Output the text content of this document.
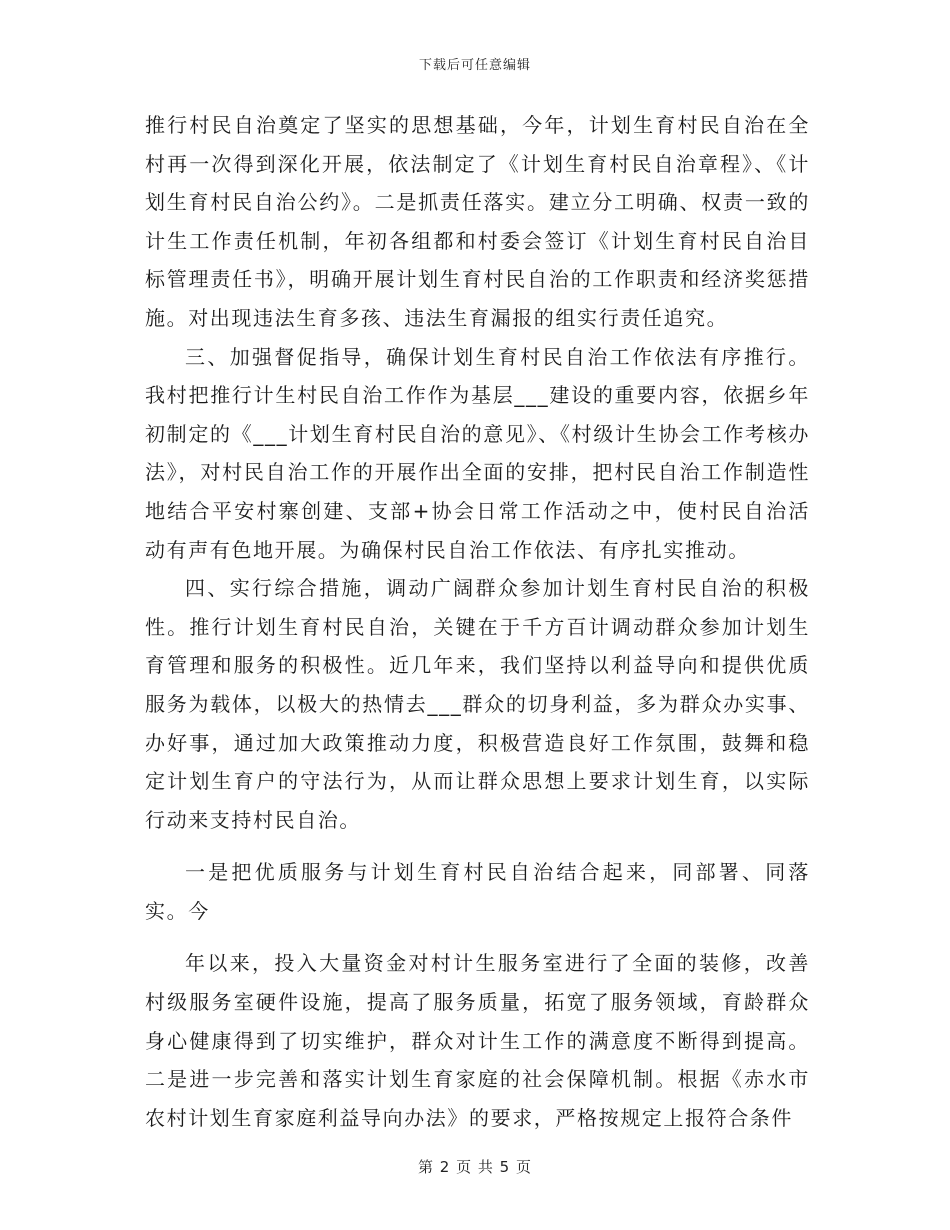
下载后可任意编辑

推行村民自治奠定了坚实的思想基础，今年，计划生育村民自治在全村再一次得到深化开展，依法制定了《计划生育村民自治章程》、《计划生育村民自治公约》。二是抓责任落实。建立分工明确、权责一致的计生工作责任机制，年初各组都和村委会签订《计划生育村民自治目标管理责任书》，明确开展计划生育村民自治的工作职责和经济奖惩措施。对出现违法生育多孩、违法生育漏报的组实行责任追究。

三、加强督促指导，确保计划生育村民自治工作依法有序推行。我村把推行计生村民自治工作作为基层___建设的重要内容，依据乡年初制定的《___计划生育村民自治的意见》、《村级计生协会工作考核办法》，对村民自治工作的开展作出全面的安排，把村民自治工作制造性地结合平安村寨创建、支部+协会日常工作活动之中，使村民自治活动有声有色地开展。为确保村民自治工作依法、有序扎实推动。

四、实行综合措施，调动广阔群众参加计划生育村民自治的积极性。推行计划生育村民自治，关键在于千方百计调动群众参加计划生育管理和服务的积极性。近几年来，我们坚持以利益导向和提供优质服务为载体，以极大的热情去___群众的切身利益，多为群众办实事、办好事，通过加大政策推动力度，积极营造良好工作氛围，鼓舞和稳定计划生育户的守法行为，从而让群众思想上要求计划生育，以实际行动来支持村民自治。

一是把优质服务与计划生育村民自治结合起来，同部署、同落实。今

年以来，投入大量资金对村计生服务室进行了全面的装修，改善村级服务室硬件设施，提高了服务质量，拓宽了服务领域，育龄群众身心健康得到了切实维护，群众对计生工作的满意度不断得到提高。二是进一步完善和落实计划生育家庭的社会保障机制。根据《赤水市农村计划生育家庭利益导向办法》的要求，严格按规定上报符合条件

第 2 页 共 5 页
